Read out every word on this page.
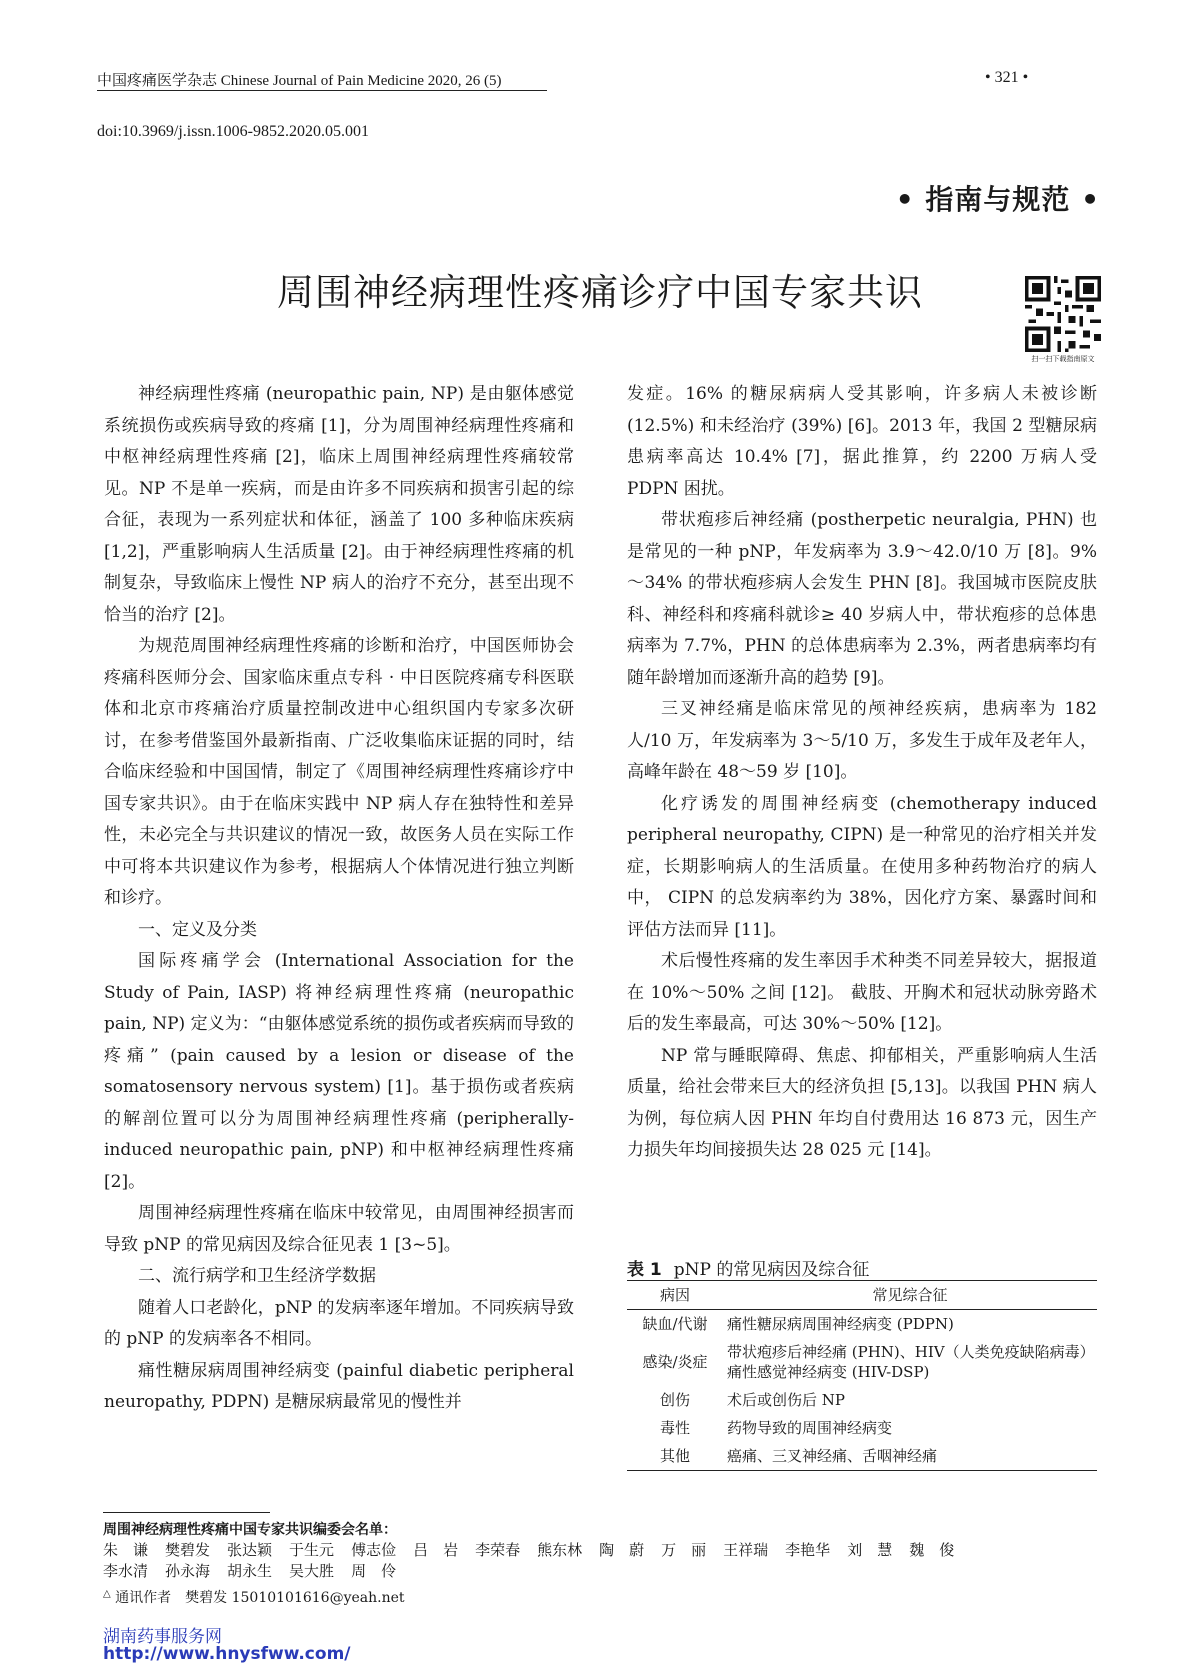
中国疼痛医学杂志 Chinese Journal of Pain Medicine 2020, 26 (5)	• 321 •
doi:10.3969/j.issn.1006-9852.2020.05.001
• 指南与规范 •
周围神经病理性疼痛诊疗中国专家共识
扫一扫下载指南原文

神经病理性疼痛 (neuropathic pain, NP) 是由躯体感觉系统损伤或疾病导致的疼痛 [1]，分为周围神经病理性疼痛和中枢神经病理性疼痛 [2]，临床上周围神经病理性疼痛较常见。NP 不是单一疾病，而是由许多不同疾病和损害引起的综合征，表现为一系列症状和体征，涵盖了 100 多种临床疾病 [1,2]，严重影响病人生活质量 [2]。由于神经病理性疼痛的机制复杂，导致临床上慢性 NP 病人的治疗不充分，甚至出现不恰当的治疗 [2]。

为规范周围神经病理性疼痛的诊断和治疗，中国医师协会疼痛科医师分会、国家临床重点专科 · 中日医院疼痛专科医联体和北京市疼痛治疗质量控制改进中心组织国内专家多次研讨，在参考借鉴国外最新指南、广泛收集临床证据的同时，结合临床经验和中国国情，制定了《周围神经病理性疼痛诊疗中国专家共识》。由于在临床实践中 NP 病人存在独特性和差异性，未必完全与共识建议的情况一致，故医务人员在实际工作中可将本共识建议作为参考，根据病人个体情况进行独立判断和诊疗。

一、定义及分类

国际疼痛学会 (International Association for the Study of Pain, IASP) 将神经病理性疼痛 (neuropathic pain, NP) 定义为：“由躯体感觉系统的损伤或者疾病而导致的疼痛” (pain caused by a lesion or disease of the somatosensory nervous system) [1]。基于损伤或者疾病的解剖位置可以分为周围神经病理性疼痛 (peripherally-induced neuropathic pain, pNP) 和中枢神经病理性疼痛 [2]。

周围神经病理性疼痛在临床中较常见，由周围神经损害而导致 pNP 的常见病因及综合征见表 1 [3~5]。

二、流行病学和卫生经济学数据

随着人口老龄化，pNP 的发病率逐年增加。不同疾病导致的 pNP 的发病率各不相同。

痛性糖尿病周围神经病变 (painful diabetic peripheral neuropathy, PDPN) 是糖尿病最常见的慢性并

发症。16% 的糖尿病病人受其影响，许多病人未被诊断 (12.5%) 和未经治疗 (39%) [6]。2013 年，我国 2 型糖尿病患病率高达 10.4% [7]，据此推算，约 2200 万病人受 PDPN 困扰。

带状疱疹后神经痛 (postherpetic neuralgia, PHN) 也是常见的一种 pNP，年发病率为 3.9～42.0/10 万 [8]。9%～34% 的带状疱疹病人会发生 PHN [8]。我国城市医院皮肤科、神经科和疼痛科就诊≥ 40 岁病人中，带状疱疹的总体患病率为 7.7%，PHN 的总体患病率为 2.3%，两者患病率均有随年龄增加而逐渐升高的趋势 [9]。

三叉神经痛是临床常见的颅神经疾病，患病率为 182 人/10 万，年发病率为 3～5/10 万，多发生于成年及老年人，高峰年龄在 48～59 岁 [10]。

化疗诱发的周围神经病变 (chemotherapy induced peripheral neuropathy, CIPN) 是一种常见的治疗相关并发症，长期影响病人的生活质量。在使用多种药物治疗的病人中， CIPN 的总发病率约为 38%，因化疗方案、暴露时间和评估方法而异 [11]。

术后慢性疼痛的发生率因手术种类不同差异较大，据报道在 10%～50% 之间 [12]。 截肢、开胸术和冠状动脉旁路术后的发生率最高，可达 30%～50% [12]。

NP 常与睡眠障碍、焦虑、抑郁相关，严重影响病人生活质量，给社会带来巨大的经济负担 [5,13]。以我国 PHN 病人为例，每位病人因 PHN 年均自付费用达 16 873 元，因生产力损失年均间接损失达 28 025 元 [14]。

表 1 pNP 的常见病因及综合征
病因	常见综合征
缺血/代谢	痛性糖尿病周围神经病变 (PDPN)
感染/炎症	带状疱疹后神经痛 (PHN)、HIV（人类免疫缺陷病毒）痛性感觉神经病变 (HIV-DSP)
创伤	术后或创伤后 NP
毒性	药物导致的周围神经病变
其他	癌痛、三叉神经痛、舌咽神经痛
周围神经病理性疼痛中国专家共识编委会名单：
朱　谦 樊碧发 张达颖 于生元 傅志俭 吕　岩 李荣春 熊东林 陶　蔚 万　丽 王祥瑞 李艳华 刘　慧 魏　俊
李水清 孙永海 胡永生 吴大胜 周　伶
△ 通讯作者　樊碧发 15010101616@yeah.net
湖南药事服务网
http://www.hnysfww.com/
